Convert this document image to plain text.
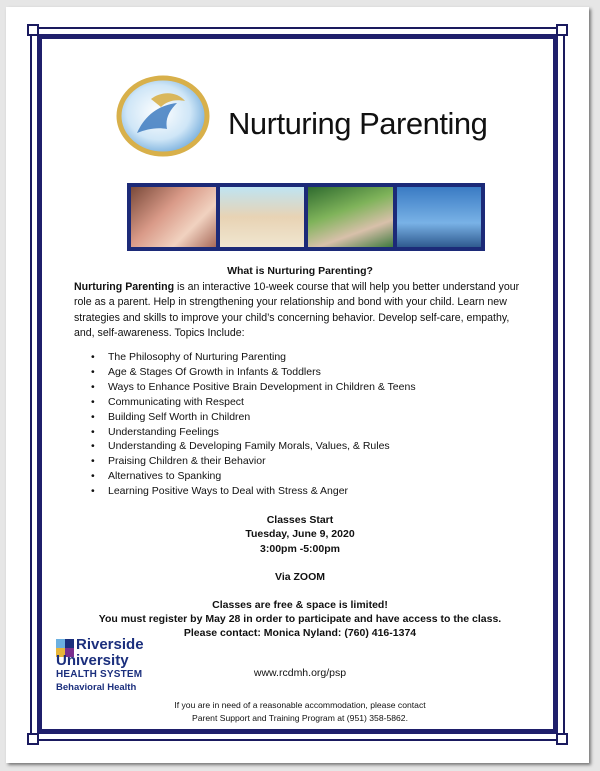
Nurturing Parenting
What is Nurturing Parenting?
Nurturing Parenting is an interactive 10-week course that will help you better understand your role as a parent. Help in strengthening your relationship and bond with your child. Learn new strategies and skills to improve your child’s concerning behavior. Develop self-care, empathy, and, self-awareness. Topics Include:
• The Philosophy of Nurturing Parenting
• Age & Stages Of Growth in Infants & Toddlers
• Ways to Enhance Positive Brain Development in Children & Teens
• Communicating with Respect
• Building Self Worth in Children
• Understanding Feelings
• Understanding & Developing Family Morals, Values, & Rules
• Praising Children & their Behavior
• Alternatives to Spanking
• Learning Positive Ways to Deal with Stress & Anger
Classes Start
Tuesday, June 9, 2020
3:00pm -5:00pm
Via ZOOM
Classes are free & space is limited!
You must register by May 28 in order to participate and have access to the class.
Please contact: Monica Nyland: (760) 416-1374
Riverside
University
HEALTH SYSTEM
Behavioral Health
www.rcdmh.org/psp
If you are in need of a reasonable accommodation, please contact
Parent Support and Training Program at (951) 358-5862.
